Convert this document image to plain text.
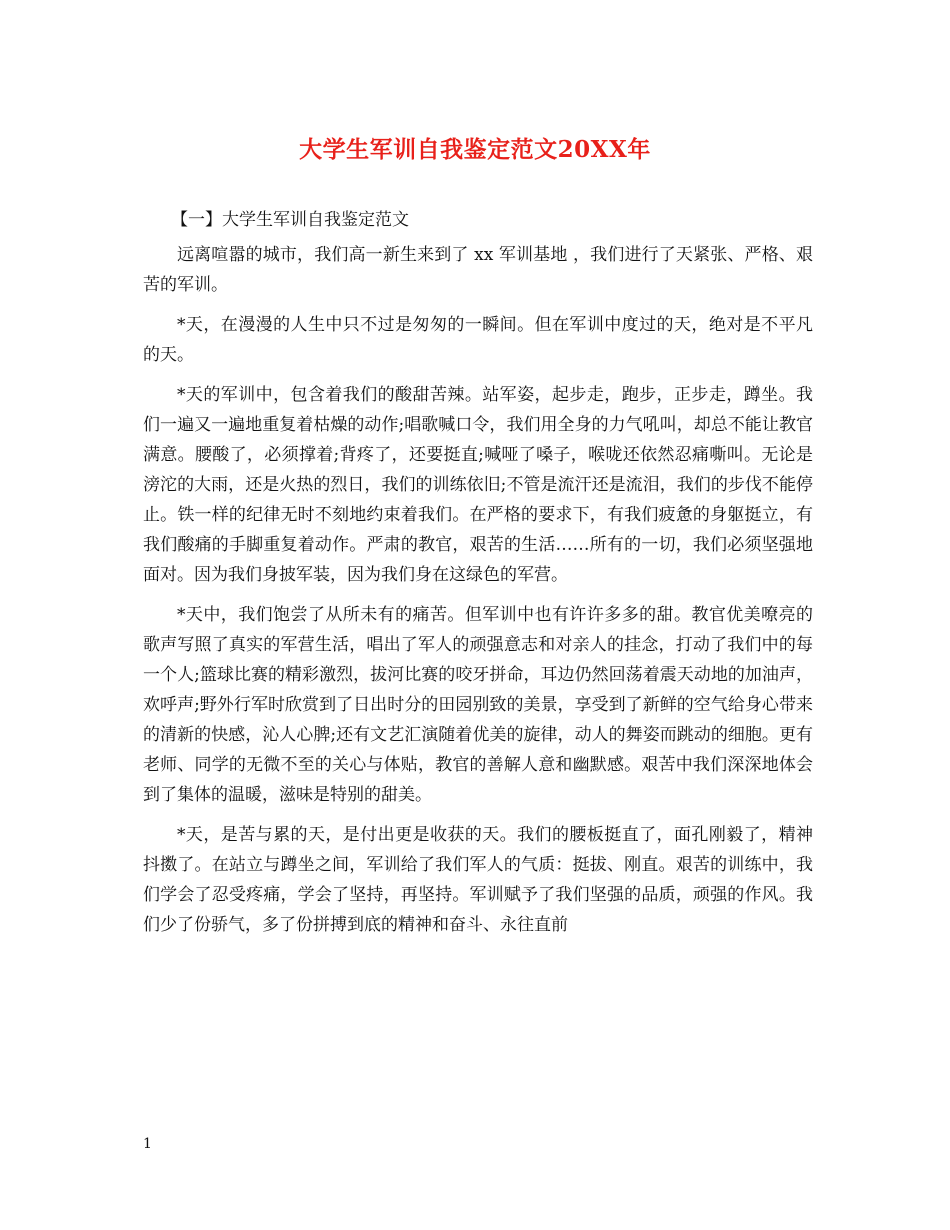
大学生军训自我鉴定范文20XX年

【一】大学生军训自我鉴定范文

远离喧嚣的城市，我们高一新生来到了 xx 军训基地 ，我们进行了天紧张、严格、艰苦的军训。

*天，在漫漫的人生中只不过是匆匆的一瞬间。但在军训中度过的天，绝对是不平凡的天。

*天的军训中，包含着我们的酸甜苦辣。站军姿，起步走，跑步，正步走，蹲坐。我们一遍又一遍地重复着枯燥的动作;唱歌喊口令，我们用全身的力气吼叫，却总不能让教官满意。腰酸了，必须撑着;背疼了，还要挺直;喊哑了嗓子，喉咙还依然忍痛嘶叫。无论是滂沱的大雨，还是火热的烈日，我们的训练依旧;不管是流汗还是流泪，我们的步伐不能停止。铁一样的纪律无时不刻地约束着我们。在严格的要求下，有我们疲惫的身躯挺立，有我们酸痛的手脚重复着动作。严肃的教官，艰苦的生活……所有的一切，我们必须坚强地面对。因为我们身披军装，因为我们身在这绿色的军营。

*天中，我们饱尝了从所未有的痛苦。但军训中也有许许多多的甜。教官优美嘹亮的歌声写照了真实的军营生活，唱出了军人的顽强意志和对亲人的挂念，打动了我们中的每一个人;篮球比赛的精彩激烈，拔河比赛的咬牙拼命，耳边仍然回荡着震天动地的加油声，欢呼声;野外行军时欣赏到了日出时分的田园别致的美景，享受到了新鲜的空气给身心带来的清新的快感，沁人心脾;还有文艺汇演随着优美的旋律，动人的舞姿而跳动的细胞。更有老师、同学的无微不至的关心与体贴，教官的善解人意和幽默感。艰苦中我们深深地体会到了集体的温暖，滋味是特别的甜美。

*天，是苦与累的天，是付出更是收获的天。我们的腰板挺直了，面孔刚毅了，精神抖擞了。在站立与蹲坐之间，军训给了我们军人的气质：挺拔、刚直。艰苦的训练中，我们学会了忍受疼痛，学会了坚持，再坚持。军训赋予了我们坚强的品质，顽强的作风。我们少了份骄气，多了份拼搏到底的精神和奋斗、永往直前

1
